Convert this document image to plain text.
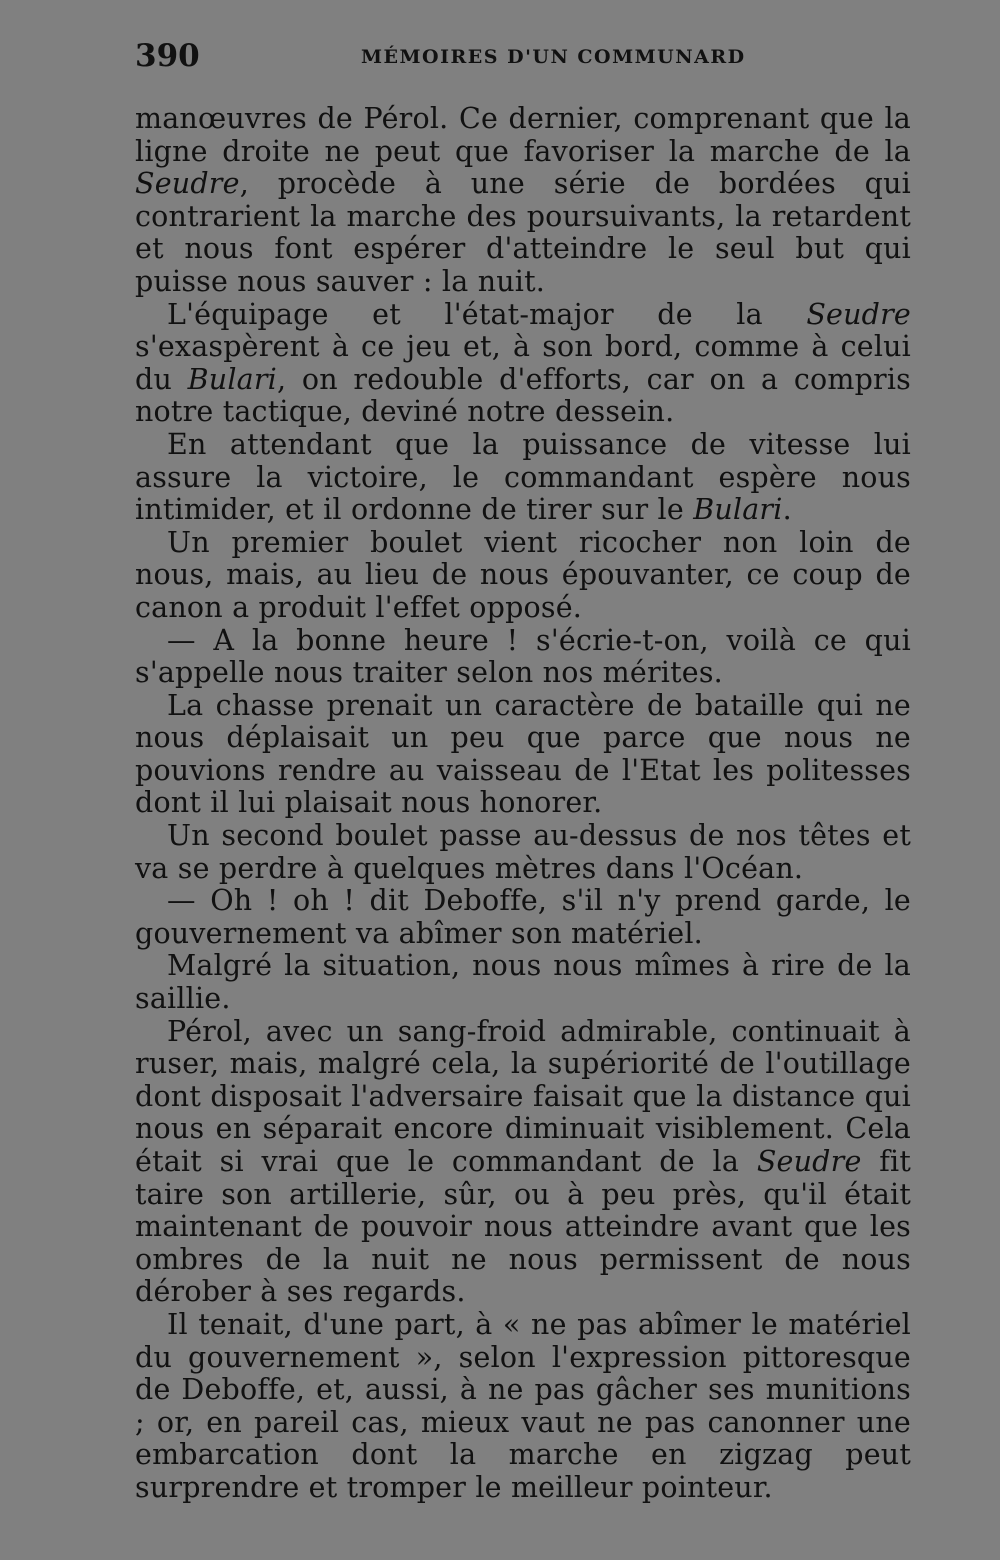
390	MÉMOIRES D'UN COMMUNARD

manœuvres de Pérol. Ce dernier, comprenant que la ligne droite ne peut que favoriser la marche de la Seudre, procède à une série de bordées qui contrarient la marche des poursuivants, la retardent et nous font espérer d'atteindre le seul but qui puisse nous sauver : la nuit.

L'équipage et l'état-major de la Seudre s'exaspèrent à ce jeu et, à son bord, comme à celui du Bulari, on redouble d'efforts, car on a compris notre tactique, deviné notre dessein.

En attendant que la puissance de vitesse lui assure la victoire, le commandant espère nous intimider, et il ordonne de tirer sur le Bulari.

Un premier boulet vient ricocher non loin de nous, mais, au lieu de nous épouvanter, ce coup de canon a produit l'effet opposé.

— A la bonne heure ! s'écrie-t-on, voilà ce qui s'appelle nous traiter selon nos mérites.

La chasse prenait un caractère de bataille qui ne nous déplaisait un peu que parce que nous ne pouvions rendre au vaisseau de l'Etat les politesses dont il lui plaisait nous honorer.

Un second boulet passe au-dessus de nos têtes et va se perdre à quelques mètres dans l'Océan.

— Oh ! oh ! dit Deboffe, s'il n'y prend garde, le gouvernement va abîmer son matériel.

Malgré la situation, nous nous mîmes à rire de la saillie.

Pérol, avec un sang-froid admirable, continuait à ruser, mais, malgré cela, la supériorité de l'outillage dont disposait l'adversaire faisait que la distance qui nous en séparait encore diminuait visiblement. Cela était si vrai que le commandant de la Seudre fit taire son artillerie, sûr, ou à peu près, qu'il était maintenant de pouvoir nous atteindre avant que les ombres de la nuit ne nous permissent de nous dérober à ses regards.

Il tenait, d'une part, à « ne pas abîmer le matériel du gouvernement », selon l'expression pittoresque de Deboffe, et, aussi, à ne pas gâcher ses munitions ; or, en pareil cas, mieux vaut ne pas canonner une embarcation dont la marche en zigzag peut surprendre et tromper le meilleur pointeur.
